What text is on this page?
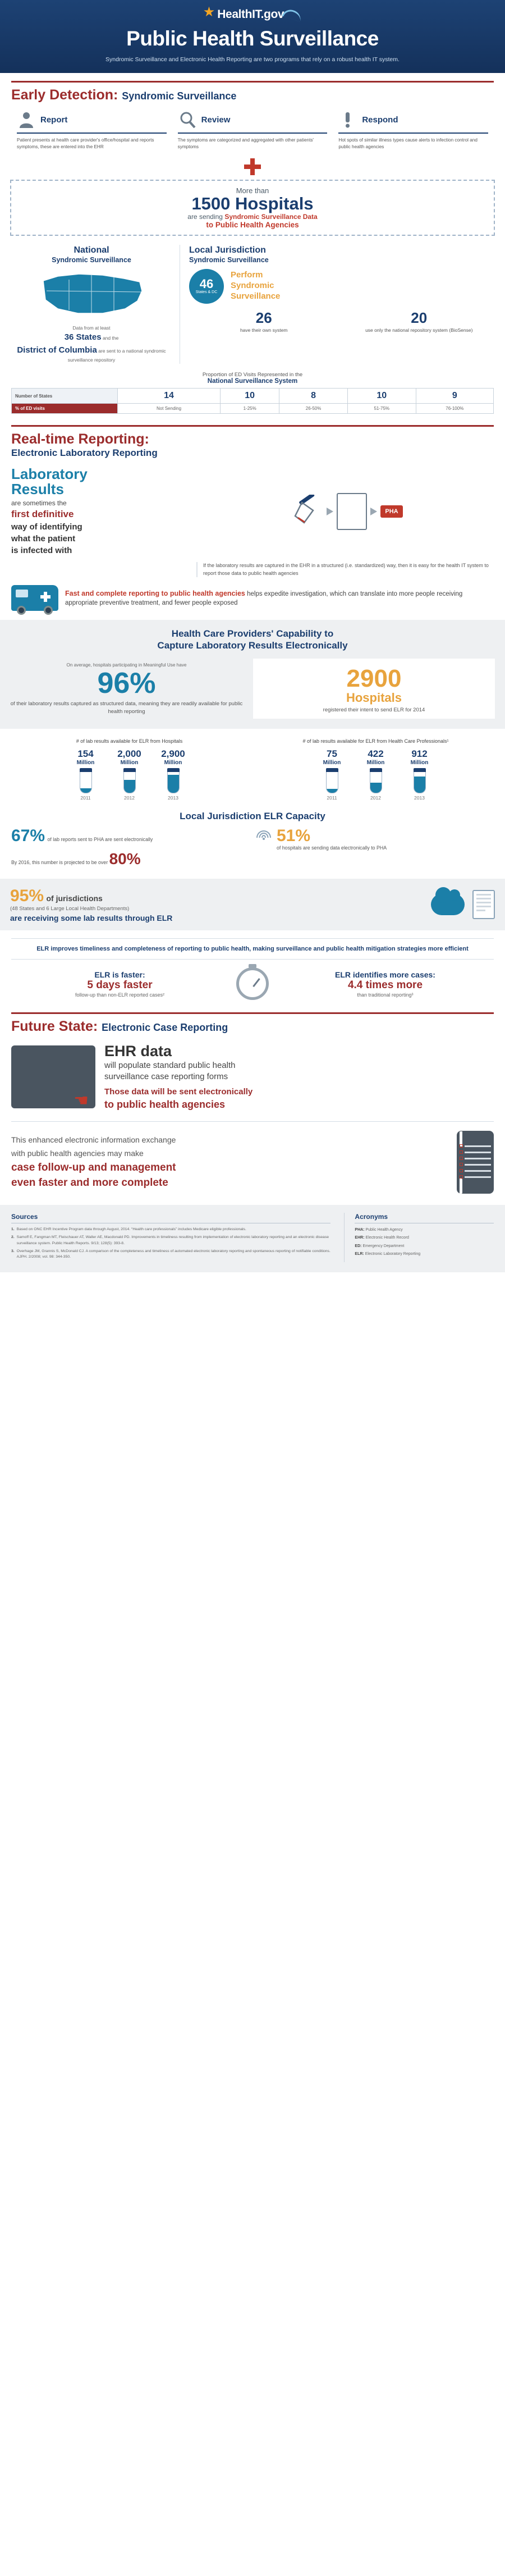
★ HealthIT.gov
Public Health Surveillance
Syndromic Surveillance and Electronic Health Reporting are two programs that rely on a robust health IT system.
Early Detection: Syndromic Surveillance
Report
Patient presents at health care provider's office/hospital and reports symptoms, these are entered into the EHR
Review
The symptoms are categorized and aggregated with other patients' symptoms
Respond
Hot spots of similar illness types cause alerts to infection control and public health agencies
More than
1500 Hospitals
are sending Syndromic Surveillance Data
to Public Health Agencies
National
Syndromic Surveillance
Data from at least
36 States and the
District of Columbia are sent to a national syndromic surveillance repository
Local Jurisdiction
Syndromic Surveillance
46
States & DC
Perform
Syndromic
Surveillance
26
have their own system
20
use only the national repository system (BioSense)
Proportion of ED Visits Represented in the
National Surveillance System
Number of States	14	10	8	10	9
% of ED visits	Not Sending	1-25%	26-50%	51-75%	76-100%
Real-time Reporting:
Electronic Laboratory Reporting
Laboratory
Results
are sometimes the
first definitive
way of identifying
what the patient
is infected with
PHA
If the laboratory results are captured in the EHR in a structured (i.e. standardized) way, then it is easy for the health IT system to report those data to public health agencies
Fast and complete reporting to public health agencies helps expedite investigation, which can translate into more people receiving appropriate preventive treatment, and fewer people exposed
Health Care Providers' Capability to
Capture Laboratory Results Electronically
On average, hospitals participating in Meaningful Use have
96%
of their laboratory results captured as structured data, meaning they are readily available for public health reporting
2900
Hospitals
registered their intent to send ELR for 2014
# of lab results available for ELR from Hospitals
154
Million
2011
2,000
Million
2012
2,900
Million
2013
# of lab results available for ELR from Health Care Professionals¹
75
Million
2011
422
Million
2012
912
Million
2013
Local Jurisdiction ELR Capacity
67% of lab reports sent to PHA are sent electronically
By 2016, this number is projected to be over 80%
51%
of hospitals are sending data electronically to PHA
95% of jurisdictions
(48 States and 6 Large Local Health Departments)
are receiving some lab results through ELR
ELR improves timeliness and completeness of reporting to public health, making surveillance and public health mitigation strategies more efficient
ELR is faster:
5 days faster
follow-up than non-ELR reported cases²
ELR identifies more cases:
4.4 times more
than traditional reporting³
Future State: Electronic Case Reporting
☚
EHR data
will populate standard public health
surveillance case reporting forms
Those data will be sent electronically
to public health agencies
This enhanced electronic information exchange
with public health agencies may make

case follow-up and management
even faster and more complete
Sources
1. Based on ONC EHR Incentive Program data through August, 2014. “Health care professionals” includes Medicare eligible professionals.
2. Samoff E, Fangman MT, Fleischauer AT, Waller AE, Macdonald PD. Improvements in timeliness resulting from implementation of electronic laboratory reporting and an electronic disease surveillance system. Public Health Reports. 9/13; 128(5): 393-8.
3. Overhage JM, Grannis S, McDonald CJ. A comparison of the completeness and timeliness of automated electronic laboratory reporting and spontaneous reporting of notifiable conditions. AJPH. 2/2008; vol. 98: 344-350.
Acronyms
PHA: Public Health Agency
EHR: Electronic Health Record
ED: Emergency Department
ELR: Electronic Laboratory Reporting
